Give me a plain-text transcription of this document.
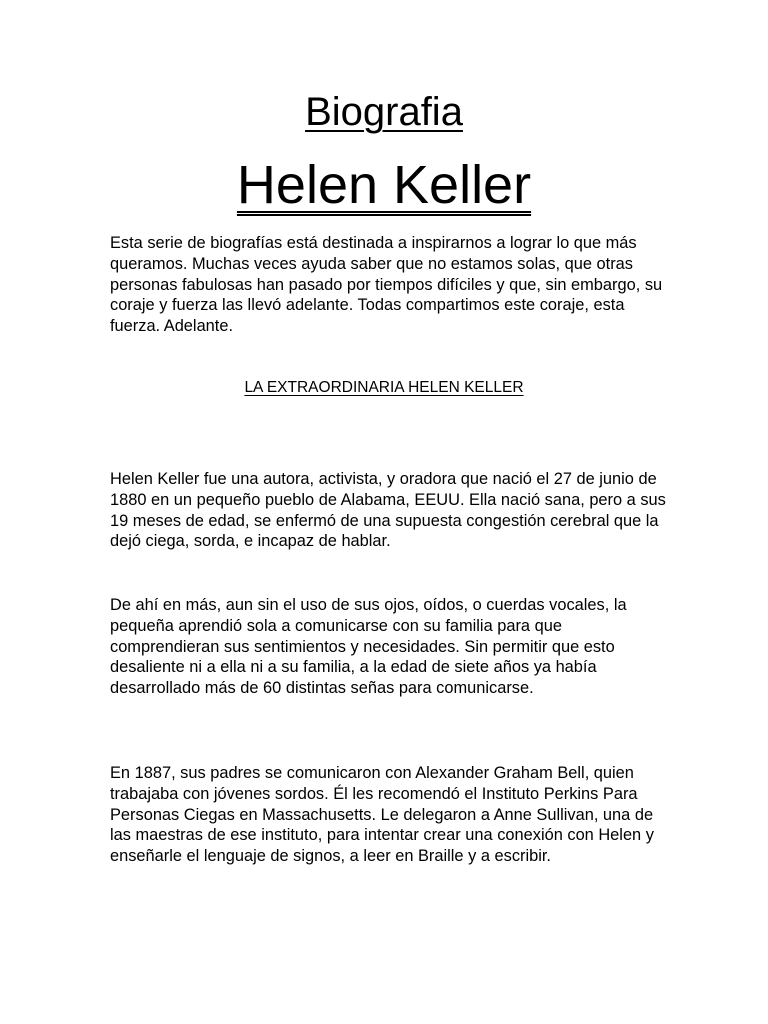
Biografia
Helen Keller

Esta serie de biografías está destinada a inspirarnos a lograr lo que más queramos. Muchas veces ayuda saber que no estamos solas, que otras personas fabulosas han pasado por tiempos difíciles y que, sin embargo, su coraje y fuerza las llevó adelante. Todas compartimos este coraje, esta fuerza. Adelante.

LA EXTRAORDINARIA HELEN KELLER

Helen Keller fue una autora, activista, y oradora que nació el 27 de junio de 1880 en un pequeño pueblo de Alabama, EEUU. Ella nació sana, pero a sus 19 meses de edad, se enfermó de una supuesta congestión cerebral que la dejó ciega, sorda, e incapaz de hablar.

De ahí en más, aun sin el uso de sus ojos, oídos, o cuerdas vocales, la pequeña aprendió sola a comunicarse con su familia para que comprendieran sus sentimientos y necesidades. Sin permitir que esto desaliente ni a ella ni a su familia, a la edad de siete años ya había desarrollado más de 60 distintas señas para comunicarse.

En 1887, sus padres se comunicaron con Alexander Graham Bell, quien trabajaba con jóvenes sordos. Él les recomendó el Instituto Perkins Para Personas Ciegas en Massachusetts. Le delegaron a Anne Sullivan, una de las maestras de ese instituto, para intentar crear una conexión con Helen y enseñarle el lenguaje de signos, a leer en Braille y a escribir.
